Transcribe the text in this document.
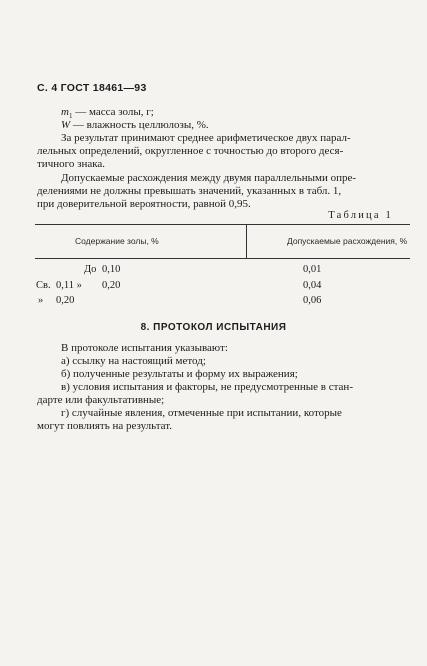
С. 4 ГОСТ 18461—93
$m_1$ — масса золы, г;
W — влажность целлюлозы, %.
За результат принимают среднее арифметическое двух парал-
лельных определений, округленное с точностью до второго деся-
тичного знака.
Допускаемые расхождения между двумя параллельными опре-
делениями не должны превышать значений, указанных в табл. 1,
при доверительной вероятности, равной 0,95.
Таблица 1
Содержание золы, %	Допускаемые расхождения, %
До 0,10	0,01
Св. 0,11 » 0,20	0,04
» 0,20	0,06
8. ПРОТОКОЛ ИСПЫТАНИЯ
В протоколе испытания указывают:
а) ссылку на настоящий метод;
б) полученные результаты и форму их выражения;
в) условия испытания и факторы, не предусмотренные в стан-
дарте или факультативные;
г) случайные явления, отмеченные при испытании, которые
могут повлиять на результат.
